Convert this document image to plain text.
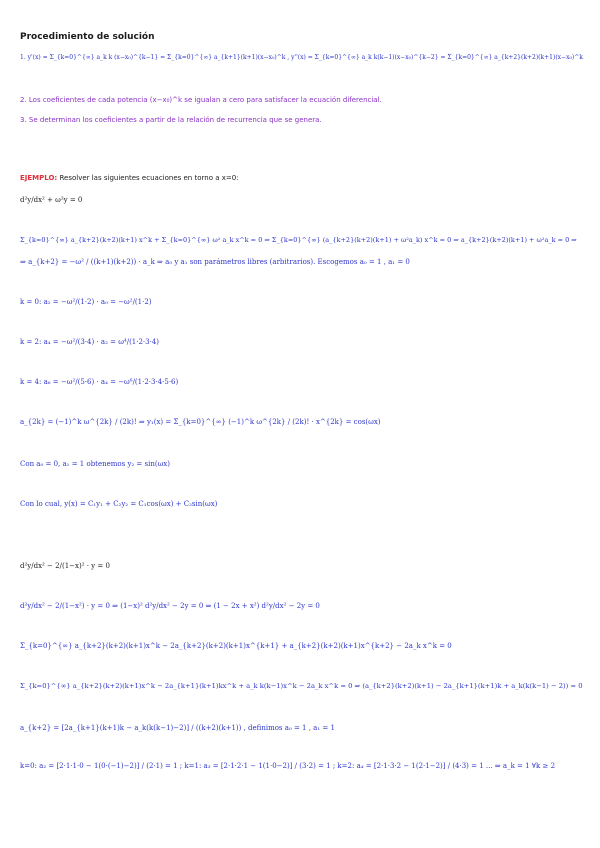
Procedimiento de solución
1. y'(x) = Σ_{k=0}^{∞} a_k k (x−x₀)^{k−1} = Σ_{k=0}^{∞} a_{k+1}(k+1)(x−x₀)^k , y''(x) = Σ_{k=0}^{∞} a_k k(k−1)(x−x₀)^{k−2} = Σ_{k=0}^{∞} a_{k+2}(k+2)(k+1)(x−x₀)^k
2. Los coeficientes de cada potencia (x−x₀)^k se igualan a cero para satisfacer la ecuación diferencial.
3. Se determinan los coeficientes a partir de la relación de recurrencia que se genera.
EJEMPLO: Resolver las siguientes ecuaciones en torno a x=0:
d²y/dx² + ω²y = 0
Σ_{k=0}^{∞} a_{k+2}(k+2)(k+1) x^k + Σ_{k=0}^{∞} ω² a_k x^k = 0 ⇒ Σ_{k=0}^{∞} (a_{k+2}(k+2)(k+1) + ω²a_k) x^k = 0 ⇒ a_{k+2}(k+2)(k+1) + ω²a_k = 0 ⇒
⇒ a_{k+2} = −ω² / ((k+1)(k+2)) · a_k ⇒ a₀ y a₁ son parámetros libres (arbitrarios). Escogemos a₀ = 1 , a₁ = 0
k = 0: a₂ = −ω²/(1·2) · a₀ = −ω²/(1·2)
k = 2: a₄ = −ω²/(3·4) · a₂ = ω⁴/(1·2·3·4)
k = 4: a₆ = −ω²/(5·6) · a₄ = −ω⁶/(1·2·3·4·5·6)
a_{2k} = (−1)^k ω^{2k} / (2k)! ⇒ y₁(x) = Σ_{k=0}^{∞} (−1)^k ω^{2k} / (2k)! · x^{2k} = cos(ωx)
Con a₀ = 0, a₁ = 1 obtenemos y₂ = sin(ωx)
Con lo cual, y(x) = C₁y₁ + C₂y₂ = C₁cos(ωx) + C₂sin(ωx)
d²y/dx² − 2/(1−x)² · y = 0
d²y/dx² − 2/(1−x²) · y = 0 ⇒ (1−x)² d²y/dx² − 2y = 0 ⇒ (1 − 2x + x²) d²y/dx² − 2y = 0
Σ_{k=0}^{∞} a_{k+2}(k+2)(k+1)x^k − 2a_{k+2}(k+2)(k+1)x^{k+1} + a_{k+2}(k+2)(k+1)x^{k+2} − 2a_k x^k = 0
Σ_{k=0}^{∞} a_{k+2}(k+2)(k+1)x^k − 2a_{k+1}(k+1)kx^k + a_k k(k−1)x^k − 2a_k x^k = 0 ⇒ (a_{k+2}(k+2)(k+1) − 2a_{k+1}(k+1)k + a_k(k(k−1) − 2)) = 0
a_{k+2} = [2a_{k+1}(k+1)k − a_k(k(k−1)−2)] / ((k+2)(k+1)) , definimos a₀ = 1 , a₁ = 1
k=0: a₂ = [2·1·1·0 − 1(0·(−1)−2)] / (2·1) = 1 ; k=1: a₃ = [2·1·2·1 − 1(1·0−2)] / (3·2) = 1 ; k=2: a₄ = [2·1·3·2 − 1(2·1−2)] / (4·3) = 1 ... ⇒ a_k = 1 ∀k ≥ 2
